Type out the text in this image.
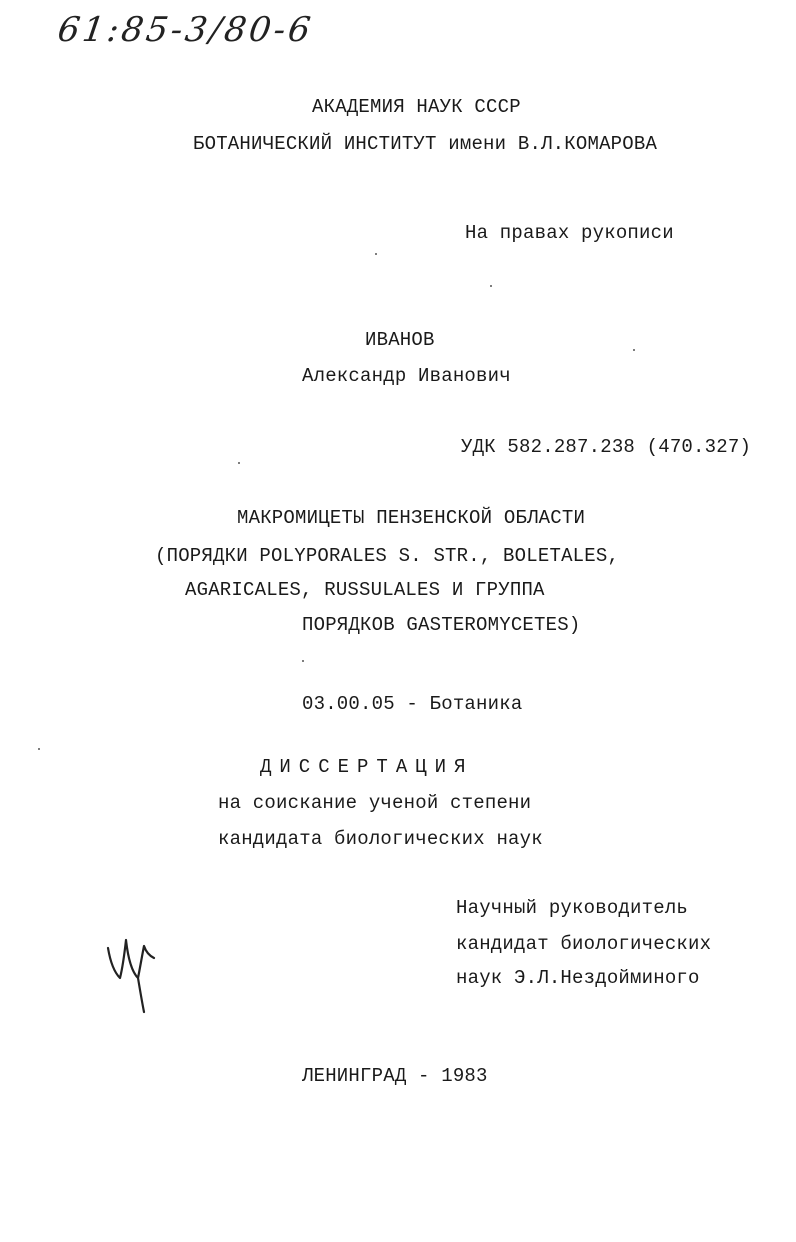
61:85-3/80-6
АКАДЕМИЯ НАУК СССР
БОТАНИЧЕСКИЙ ИНСТИТУТ имени В.Л.КОМАРОВА
На правах рукописи
ИВАНОВ
Александр Иванович
УДК 582.287.238 (470.327)
МАКРОМИЦЕТЫ ПЕНЗЕНСКОЙ ОБЛАСТИ
(ПОРЯДКИ POLYPORALES S. STR., BOLETALES,
AGARICALES, RUSSULALES И ГРУППА
ПОРЯДКОВ GASTEROMYCETES)
03.00.05 - Ботаника
ДИССЕРТАЦИЯ
на соискание ученой степени
кандидата биологических наук
Научный руководитель
кандидат биологических
наук Э.Л.Нездойминого
ЛЕНИНГРАД - 1983
